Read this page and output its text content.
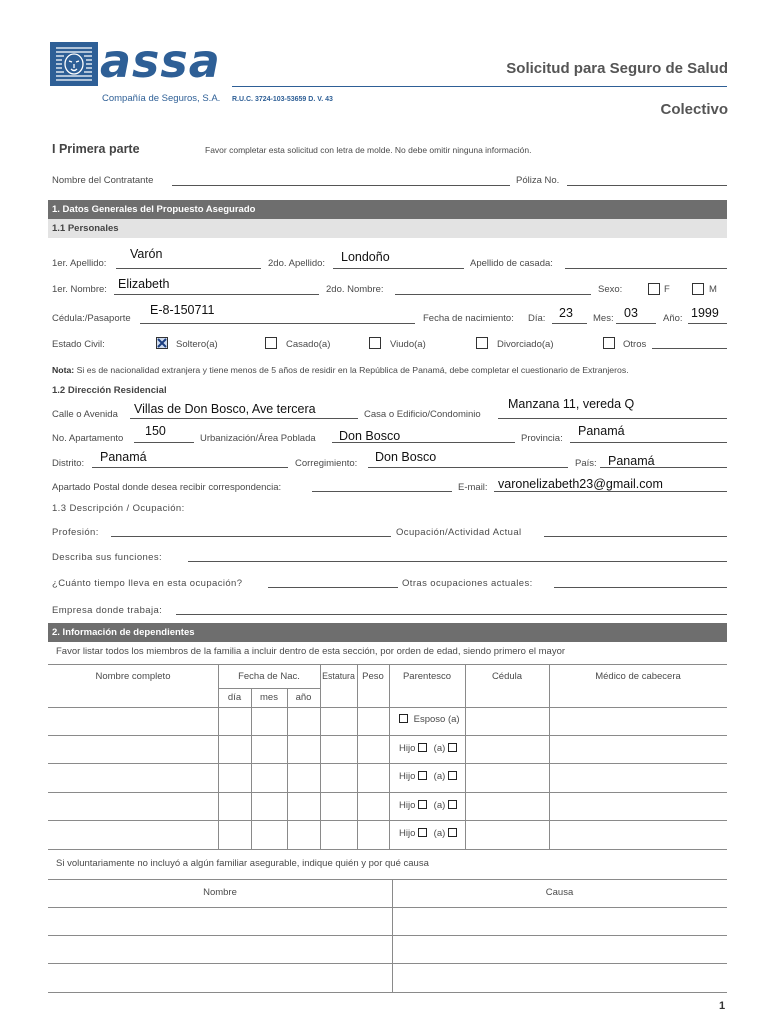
assa
Compañía de Seguros, S.A. R.U.C. 3724-103-53659 D. V. 43
Solicitud para Seguro de Salud
Colectivo
I Primera parte	Favor completar esta solicitud con letra de molde. No debe omitir ninguna información.
Nombre del Contratante	Póliza No.
1. Datos Generales del Propuesto Asegurado
1.1 Personales
1er. Apellido:
Varón
2do. Apellido: Londoño	Apellido de casada:
1er. Nombre: Elizabeth	2do. Nombre:	Sexo:	F	M
Cédula:/Pasaporte
E-8-150711
Fecha de nacimiento: Día: 23 Mes: 03	Año: 1999
Estado Civil:	Soltero(a)	Casado(a)	Viudo(a)	Divorciado(a)	Otros
Nota: Si es de nacionalidad extranjera y tiene menos de 5 años de residir en la República de Panamá, debe completar el cuestionario de Extranjeros.
1.2 Dirección Residencial
Calle o Avenida Villas de Don Bosco, Ave tercera	Casa o Edificio/Condominio
Manzana 11, vereda Q
No. Apartamento
150
Urbanización/Área Poblada Don Bosco	Provincia:
Panamá
Distrito: Panamá	Corregimiento: Don Bosco	País: Panamá
Apartado Postal donde desea recibir correspondencia:	E-mail: varonelizabeth23@gmail.com
1.3 Descripción / Ocupación:
Profesión:	Ocupación/Actividad Actual
Describa sus funciones:
¿Cuánto tiempo lleva en esta ocupación?	Otras ocupaciones actuales:
Empresa donde trabaja:
2. Información de dependientes
Favor listar todos los miembros de la familia a incluir dentro de esta sección, por orden de edad, siendo primero el mayor
Nombre completo	Fecha de Nac.
día	mes	año
Estatura Peso	Parentesco	Cédula	Médico de cabecera
Esposo (a)
Hijo (a)
Hijo (a)
Hijo (a)
Hijo (a)
Si voluntariamente no incluyó a algún familiar asegurable, indique quién y por qué causa
Nombre	Causa
1
